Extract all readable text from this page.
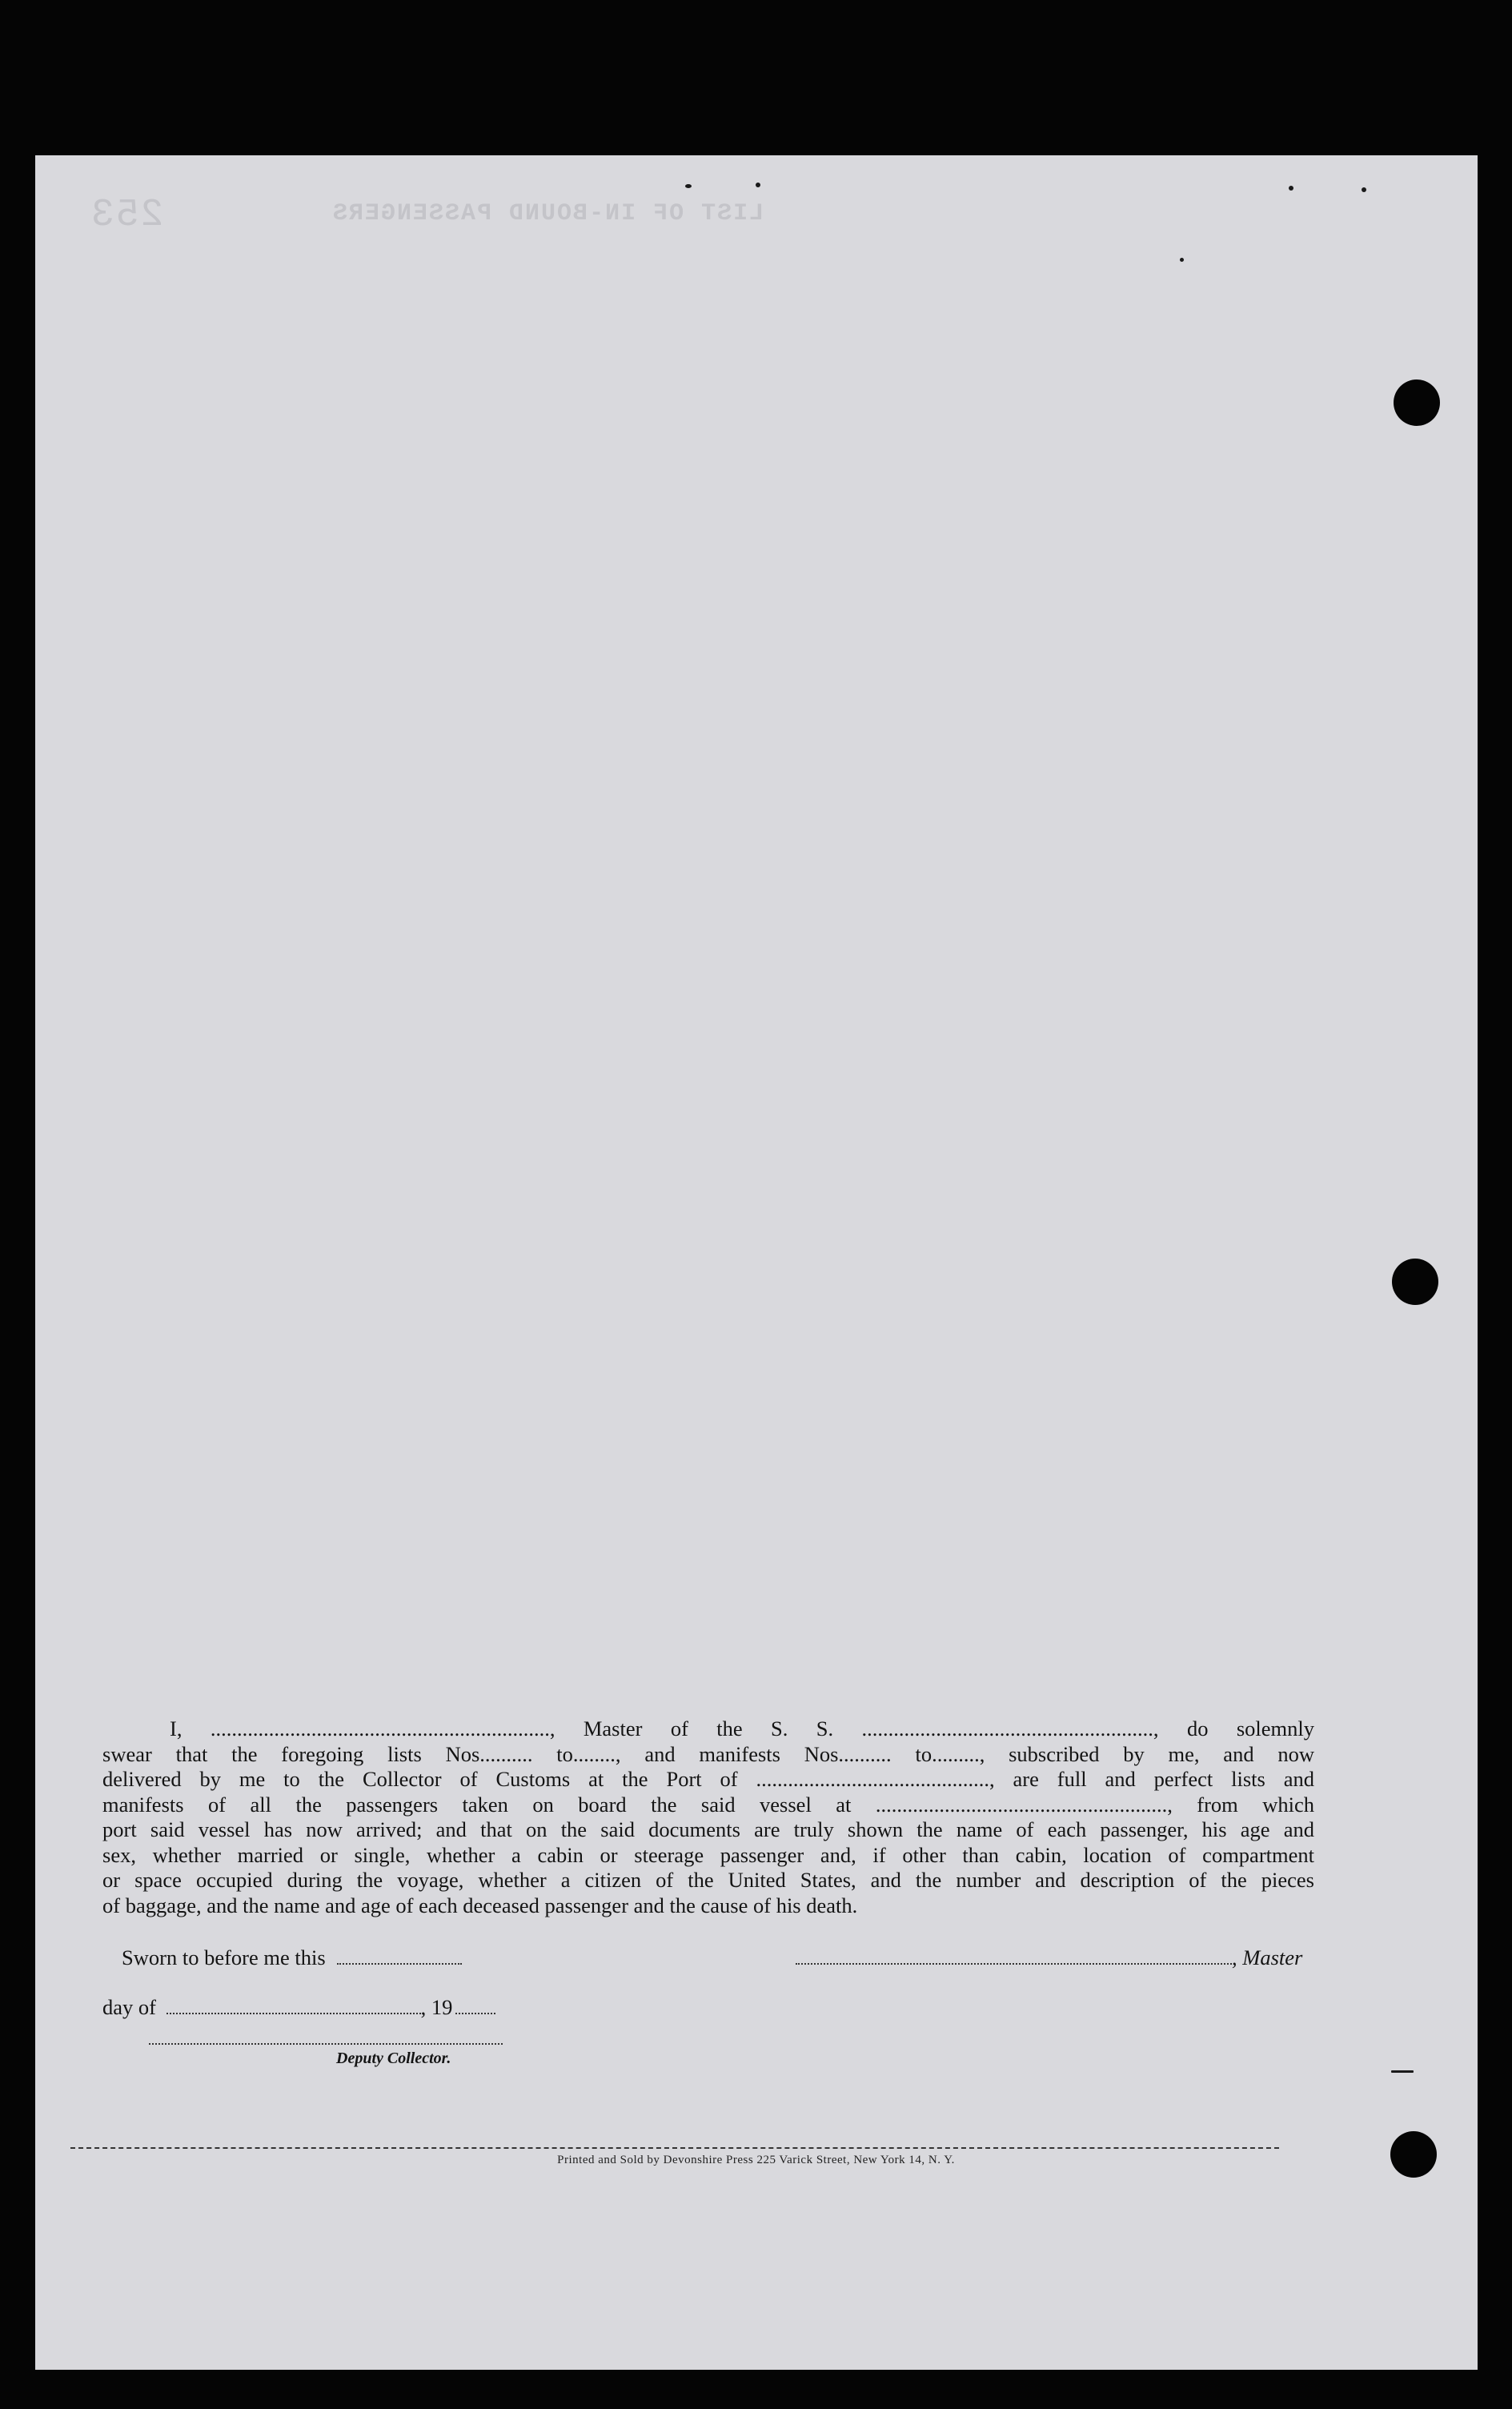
LIST OF IN-BOUND PASSENGERS
253

I, ................................................................, Master of the S. S. ......................................................., do solemnly

swear that the foregoing lists Nos.......... to........, and manifests Nos.......... to........., subscribed by me, and now

delivered by me to the Collector of Customs at the Port of ............................................, are full and perfect lists and

manifests of all the passengers taken on board the said vessel at ......................................................., from which

port said vessel has now arrived; and that on the said documents are truly shown the name of each passenger, his age and

sex, whether married or single, whether a cabin or steerage passenger and, if other than cabin, location of compartment

or space occupied during the voyage, whether a citizen of the United States, and the number and description of the pieces

of baggage, and the name and age of each deceased passenger and the cause of his death.

Sworn to before me this	, Master
day of	, 19
Deputy Collector.
Printed and Sold by Devonshire Press 225 Varick Street, New York 14, N. Y.
